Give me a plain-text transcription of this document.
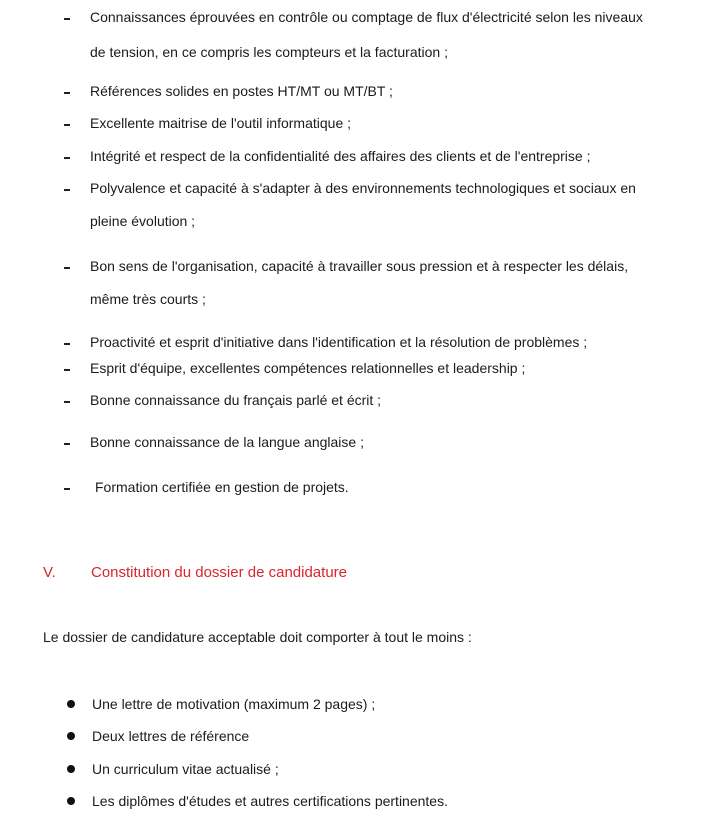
Connaissances éprouvées en contrôle ou comptage de flux d'électricité selon les niveaux
de tension, en ce compris les compteurs et la facturation ;
Références solides en postes HT/MT ou MT/BT ;
Excellente maitrise de l'outil informatique ;
Intégrité et respect de la confidentialité des affaires des clients et de l'entreprise ;
Polyvalence et capacité à s'adapter à des environnements technologiques et sociaux en
pleine évolution ;
Bon sens de l'organisation, capacité à travailler sous pression et à respecter les délais,
même très courts ;
Proactivité et esprit d'initiative dans l'identification et la résolution de problèmes ;
Esprit d'équipe, excellentes compétences relationnelles et leadership ;
Bonne connaissance du français parlé et écrit ;
Bonne connaissance de la langue anglaise ;
Formation certifiée en gestion de projets.
V. Constitution du dossier de candidature
Le dossier de candidature acceptable doit comporter à tout le moins :
Une lettre de motivation (maximum 2 pages) ;
Deux lettres de référence
Un curriculum vitae actualisé ;
Les diplômes d'études et autres certifications pertinentes.
